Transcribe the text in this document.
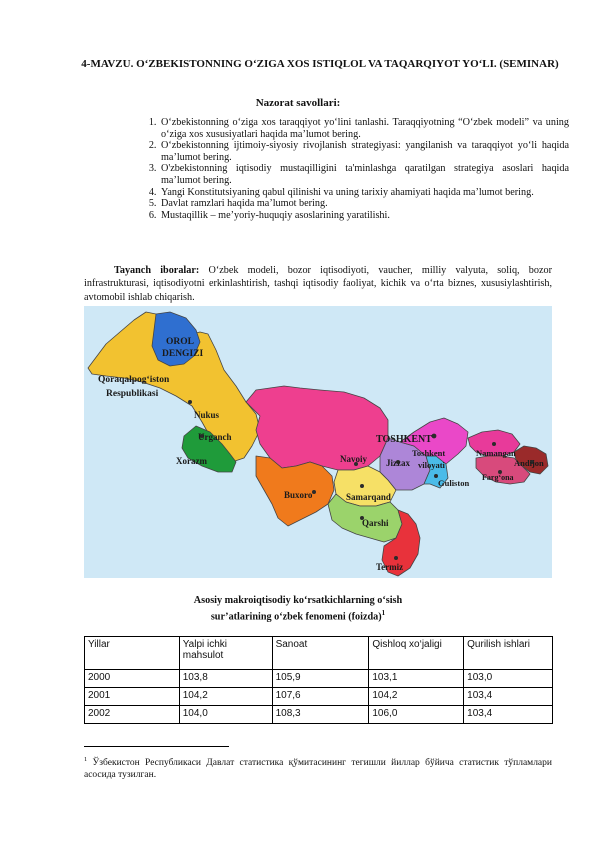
4-MAVZU. O‘ZBEKISTONNING O‘ZIGA XOS ISTIQLOL VA TAQARQIYOT YO‘LI. (SEMINAR)
Nazorat savollari:
1. O‘zbekistonning o‘ziga xos taraqqiyot yo‘lini tanlashi. Taraqqiyotning “O‘zbek modeli” va uning o‘ziga xos xususiyatlari haqida ma’lumot bering.
2. O‘zbekistonning ijtimoiy-siyosiy rivojlanish strategiyasi: yangilanish va taraqqiyot yo‘li haqida ma’lumot bering.
3. O'zbekistonning iqtisodiy mustaqilligini ta'minlashga qaratilgan strategiya asoslari haqida ma’lumot bering.
4. Yangi Konstitutsiyaning qabul qilinishi va uning tarixiy ahamiyati haqida ma’lumot bering.
5. Davlat ramzlari haqida ma’lumot bering.
6. Mustaqillik – me’yoriy-huquqiy asoslarining yaratilishi.
Tayanch iboralar: O‘zbek modeli, bozor iqtisodiyoti, vaucher, milliy valyuta, soliq, bozor infrastrukturasi, iqtisodiyotni erkinlashtirish, tashqi iqtisodiy faoliyat, kichik va o‘rta biznes, xususiylashtirish, avtomobil ishlab chiqarish.
OROL
DENGIZI
Qoraqalpog‘iston
Respublikasi
Nukus
Urganch
Xorazm
Buxoro
Navoiy
Samarqand
Qarshi
Termiz
Jizzax
TOSHKENT
Toshkent
viloyati
Guliston
Namangan
Andijon
Farg‘ona
Asosiy makroiqtisodiy ko‘rsatkichlarning o‘sish
sur’atlarining o‘zbek fenomeni (foizda)$^1$
Yillar	Yalpi ichki mahsulot	Sanoat	Qishloq xo‘jaligi	Qurilish ishlari
2000	103,8	105,9	103,1	103,0
2001	104,2	107,6	104,2	103,4
2002	104,0	108,3	106,0	103,4
$^1$ Ўзбекистон Республикаси Давлат статистика қўмитасининг тегишли йиллар бўйича статистик тўпламлари асосида тузилган.
